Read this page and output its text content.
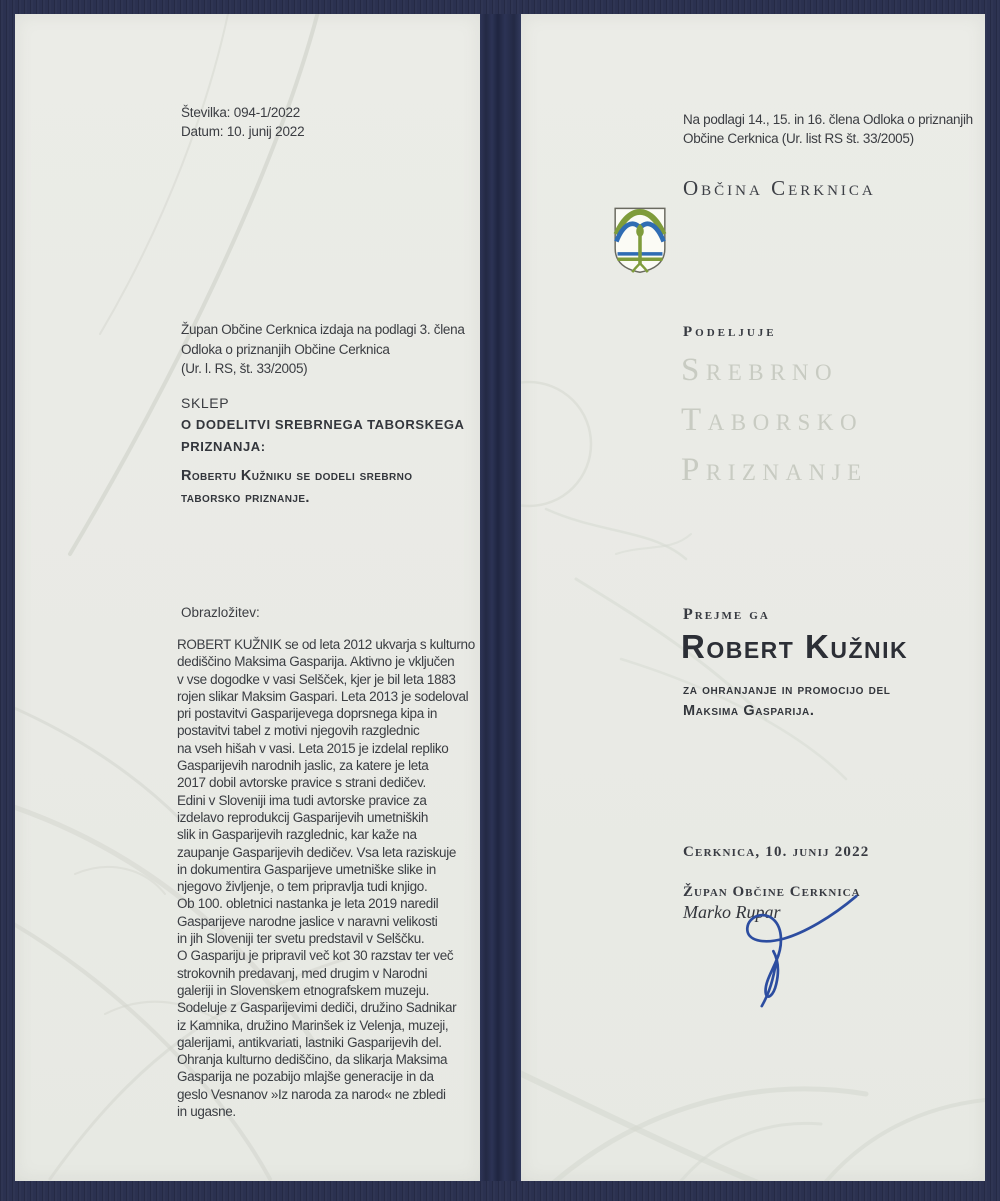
Številka: 094-1/2022
Datum: 10. junij 2022
Župan Občine Cerknica izdaja na podlagi 3. člena
Odloka o priznanjih Občine Cerknica
(Ur. l. RS, št. 33/2005)
SKLEP
O DODELITVI SREBRNEGA TABORSKEGA
PRIZNANJA:
Robertu Kužniku se dodeli srebrno
taborsko priznanje.
Obrazložitev:
ROBERT KUŽNIK se od leta 2012 ukvarja s kulturno
dediščino Maksima Gasparija. Aktivno je vključen
v vse dogodke v vasi Selšček, kjer je bil leta 1883
rojen slikar Maksim Gaspari. Leta 2013 je sodeloval
pri postavitvi Gasparijevega doprsnega kipa in
postavitvi tabel z motivi njegovih razglednic
na vseh hišah v vasi. Leta 2015 je izdelal repliko
Gasparijevih narodnih jaslic, za katere je leta
2017 dobil avtorske pravice s strani dedičev.
Edini v Sloveniji ima tudi avtorske pravice za
izdelavo reprodukcij Gasparijevih umetniških
slik in Gasparijevih razglednic, kar kaže na
zaupanje Gasparijevih dedičev. Vsa leta raziskuje
in dokumentira Gasparijeve umetniške slike in
njegovo življenje, o tem pripravlja tudi knjigo.
Ob 100. obletnici nastanka je leta 2019 naredil
Gasparijeve narodne jaslice v naravni velikosti
in jih Sloveniji ter svetu predstavil v Selščku.
O Gaspariju je pripravil več kot 30 razstav ter več
strokovnih predavanj, med drugim v Narodni
galeriji in Slovenskem etnografskem muzeju.
Sodeluje z Gasparijevimi dediči, družino Sadnikar
iz Kamnika, družino Marinšek iz Velenja, muzeji,
galerijami, antikvariati, lastniki Gasparijevih del.
Ohranja kulturno dediščino, da slikarja Maksima
Gasparija ne pozabijo mlajše generacije in da
geslo Vesnanov »Iz naroda za narod« ne zbledi
in ugasne.
Na podlagi 14., 15. in 16. člena Odloka o priznanjih
Občine Cerknica (Ur. list RS št. 33/2005)
Občina Cerknica
Podeljuje
Srebrno
Taborsko
Priznanje
Prejme ga
Robert Kužnik
za ohranjanje in promocijo del
Maksima Gasparija.
Cerknica, 10. junij 2022
Župan Občine Cerknica
Marko Rupar
